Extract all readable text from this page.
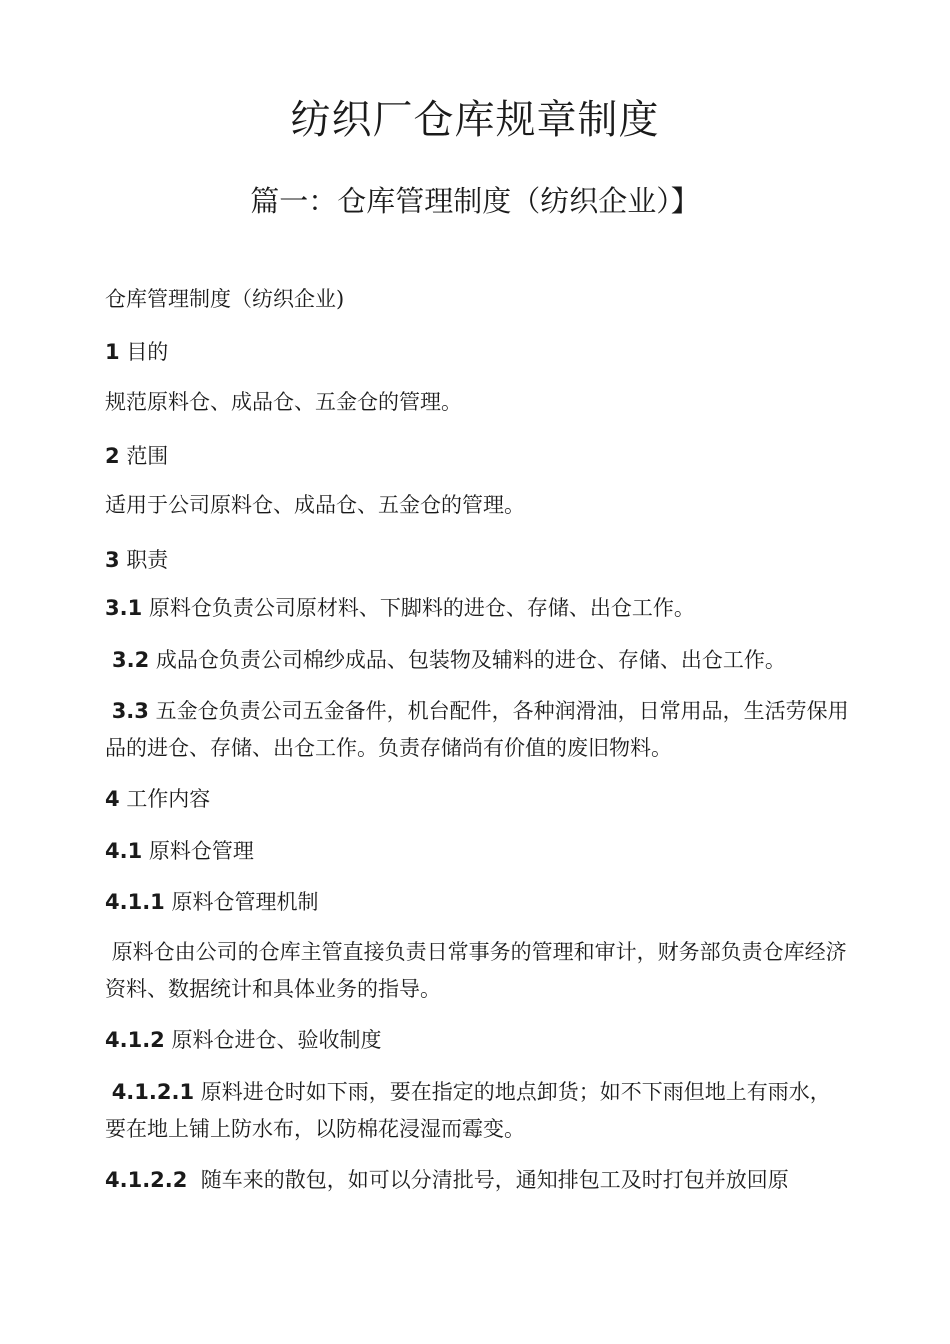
纺织厂仓库规章制度
篇一：仓库管理制度（纺织企业）】
仓库管理制度（纺织企业)
1 目的
规范原料仓、成品仓、五金仓的管理。
2 范围
适用于公司原料仓、成品仓、五金仓的管理。
3 职责
3.1 原料仓负责公司原材料、下脚料的进仓、存储、出仓工作。
3.2 成品仓负责公司棉纱成品、包装物及辅料的进仓、存储、出仓工作。
3.3 五金仓负责公司五金备件，机台配件，各种润滑油，日常用品，生活劳保用品的进仓、存储、出仓工作。负责存储尚有价值的废旧物料。
4 工作内容
4.1 原料仓管理
4.1.1 原料仓管理机制
原料仓由公司的仓库主管直接负责日常事务的管理和审计，财务部负责仓库经济资料、数据统计和具体业务的指导。
4.1.2 原料仓进仓、验收制度
4.1.2.1 原料进仓时如下雨，要在指定的地点卸货；如不下雨但地上有雨水，要在地上铺上防水布，以防棉花浸湿而霉变。
4.1.2.2 随车来的散包，如可以分清批号，通知排包工及时打包并放回原
